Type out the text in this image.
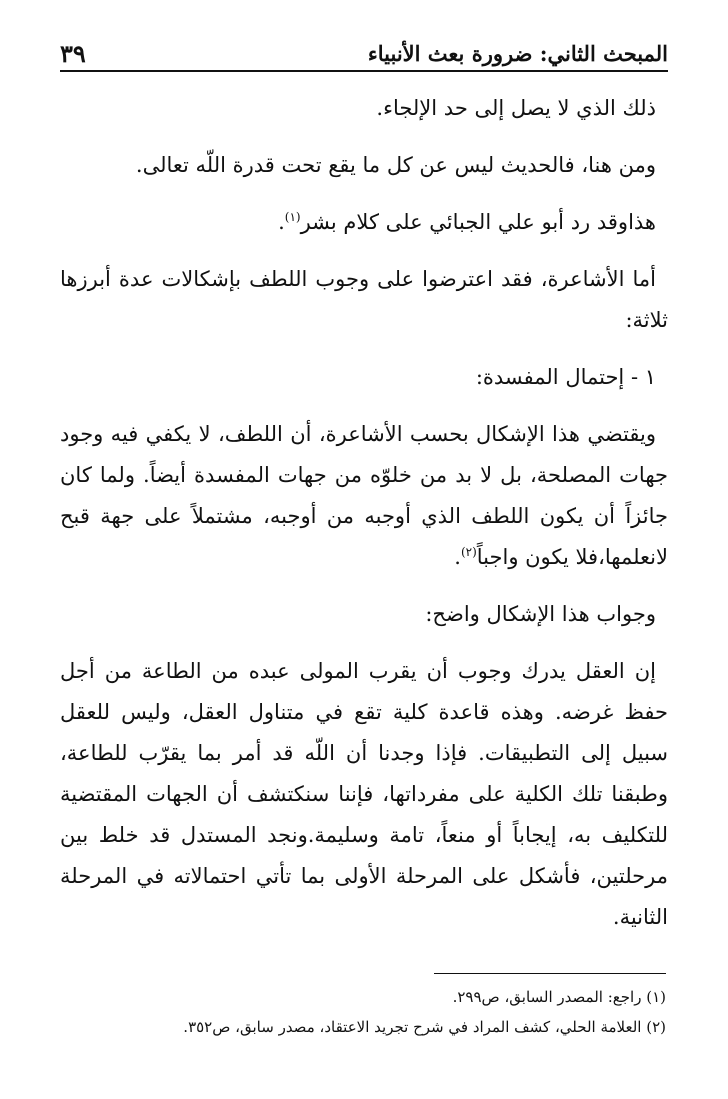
المبحث الثاني: ضرورة بعث الأنبياء
٣٩

ذلك الذي لا يصل إلى حد الإلجاء.

ومن هنا، فالحديث ليس عن كل ما يقع تحت قدرة اللّه تعالى.

هذاوقد رد أبو علي الجبائي على كلام بشر$^{(١)}$.

أما الأشاعرة، فقد اعترضوا على وجوب اللطف بإشكالات عدة أبرزها ثلاثة:

١ - إحتمال المفسدة:

ويقتضي هذا الإشكال بحسب الأشاعرة، أن اللطف، لا يكفي فيه وجود جهات المصلحة، بل لا بد من خلوّه من جهات المفسدة أيضاً. ولما كان جائزاً أن يكون اللطف الذي أوجبه من أوجبه، مشتملاً على جهة قبح لانعلمها،فلا يكون واجباً$^{(٢)}$.

وجواب هذا الإشكال واضح:

إن العقل يدرك وجوب أن يقرب المولى عبده من الطاعة من أجل حفظ غرضه. وهذه قاعدة كلية تقع في متناول العقل، وليس للعقل سبيل إلى التطبيقات. فإذا وجدنا أن اللّه قد أمر بما يقرّب للطاعة، وطبقنا تلك الكلية على مفرداتها، فإننا سنكتشف أن الجهات المقتضية للتكليف به، إيجاباً أو منعاً، تامة وسليمة.ونجد المستدل قد خلط بين مرحلتين، فأشكل على المرحلة الأولى بما تأتي احتمالاته في المرحلة الثانية.

(١) راجع: المصدر السابق، ص٢٩٩.
(٢) العلامة الحلي، كشف المراد في شرح تجريد الاعتقاد، مصدر سابق، ص٣٥٢.
